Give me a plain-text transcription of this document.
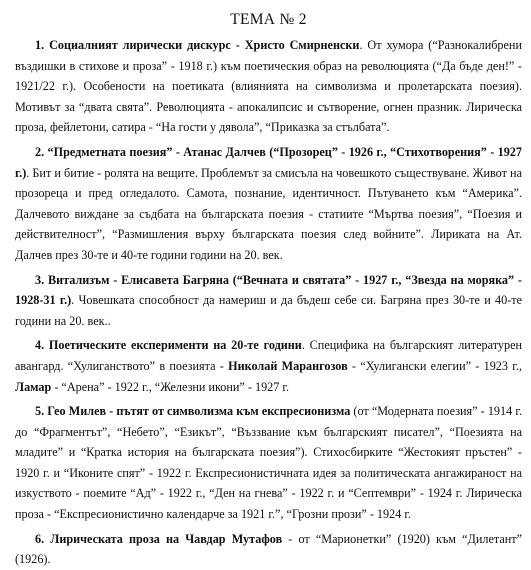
ТЕМА № 2
1. Социалният лирически дискурс - Христо Смирненски. От хумора (“Разнокалибрени въздишки в стихове и проза” - 1918 г.) към поетическия образ на революцията (“Да бъде ден!” - 1921/22 г.). Особености на поетиката (влиянията на символизма и пролетарската поезия). Мотивът за “двата свята”. Революцията - апокалипсис и сътворение, огнен празник. Лирическа проза, фейлетони, сатира - “На гости у дявола”, “Приказка за стълбата”.
2. “Предметната поезия” - Атанас Далчев (“Прозорец” - 1926 г., “Стихотворения” - 1927 г.). Бит и битие - ролята на вещите. Проблемът за смисъла на човешкото съществуване. Живот на прозореца и пред огледалото. Самота, познание, идентичност. Пътуването към “Америка”. Далчевото виждане за съдбата на българската поезия - статиите “Мъртва поезия”, “Поезия и действителност”, “Размишления върху българската поезия след войните”. Лириката на Ат. Далчев през 30-те и 40-те години години на 20. век.
3. Витализъм - Елисавета Багряна (“Вечната и святата” - 1927 г., “Звезда на моряка” - 1928-31 г.). Човешката способност да намериш и да бъдеш себе си. Багряна през 30-те и 40-те години на 20. век..
4. Поетическите експерименти на 20-те години. Специфика на българският литературен авангард. “Хулиганството” в поезията - Николай Марангозов - “Хулигански елегии” - 1923 г., Ламар - “Арена” - 1922 г., “Железни икони” - 1927 г.
5. Гео Милев - пътят от символизма към експресионизма (от “Модерната поезия” - 1914 г. до “Фрагментът”, “Небето”, “Езикът”, “Въззвание към българският писател”, “Поезията на младите” и “Кратка история на българската поезия”). Стихосбирките “Жестокият пръстен” - 1920 г. и “Иконите спят” - 1922 г. Експресионистичната идея за политическата ангажираност на изкуството - поемите “Ад” - 1922 г., “Ден на гнева” - 1922 г. и “Септември” - 1924 г. Лирическа проза - “Експресионистично календарче за 1921 г.”, “Грозни прози” - 1924 г.
6. Лирическата проза на Чавдар Мутафов - от “Марионетки” (1920) към “Дилетант” (1926).
